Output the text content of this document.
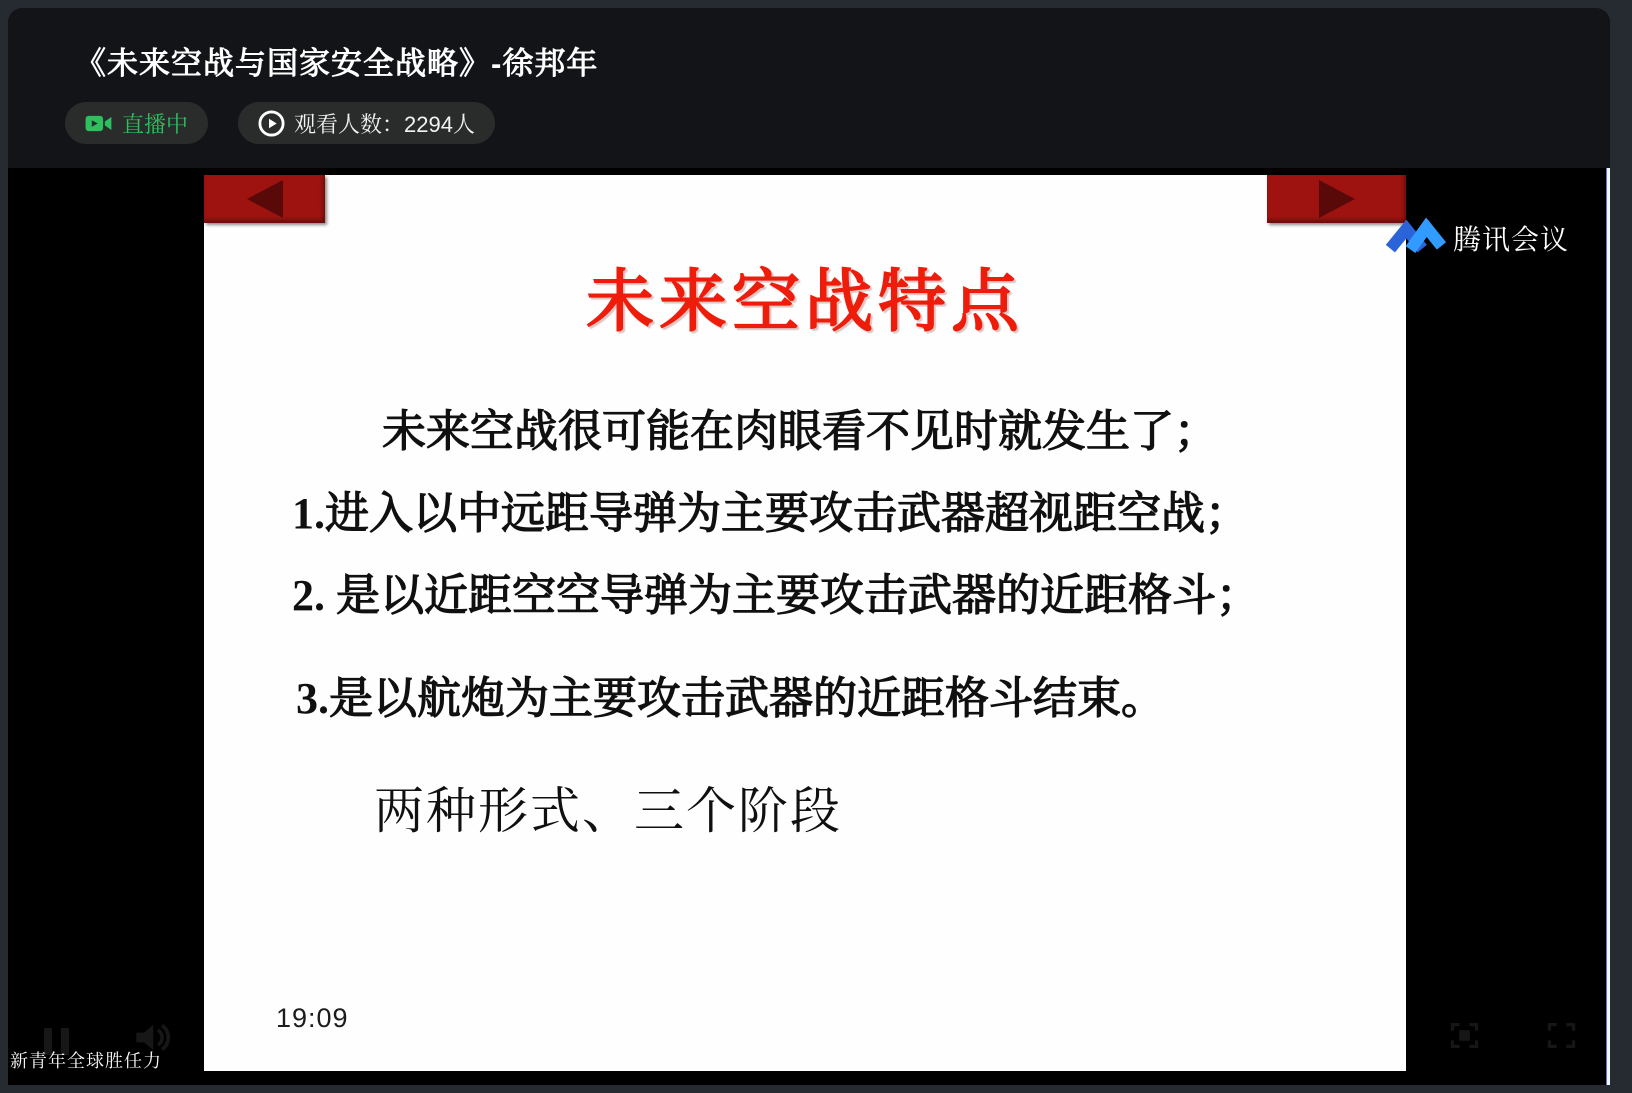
《未来空战与国家安全战略》-徐邦年
直播中	观看人数：2294人
未来空战特点
未来空战很可能在肉眼看不见时就发生了；
1.进入以中远距导弹为主要攻击武器超视距空战；
2. 是以近距空空导弹为主要攻击武器的近距格斗；
3.是以航炮为主要攻击武器的近距格斗结束。
两种形式、三个阶段
19:09
腾讯会议
新青年全球胜任力
